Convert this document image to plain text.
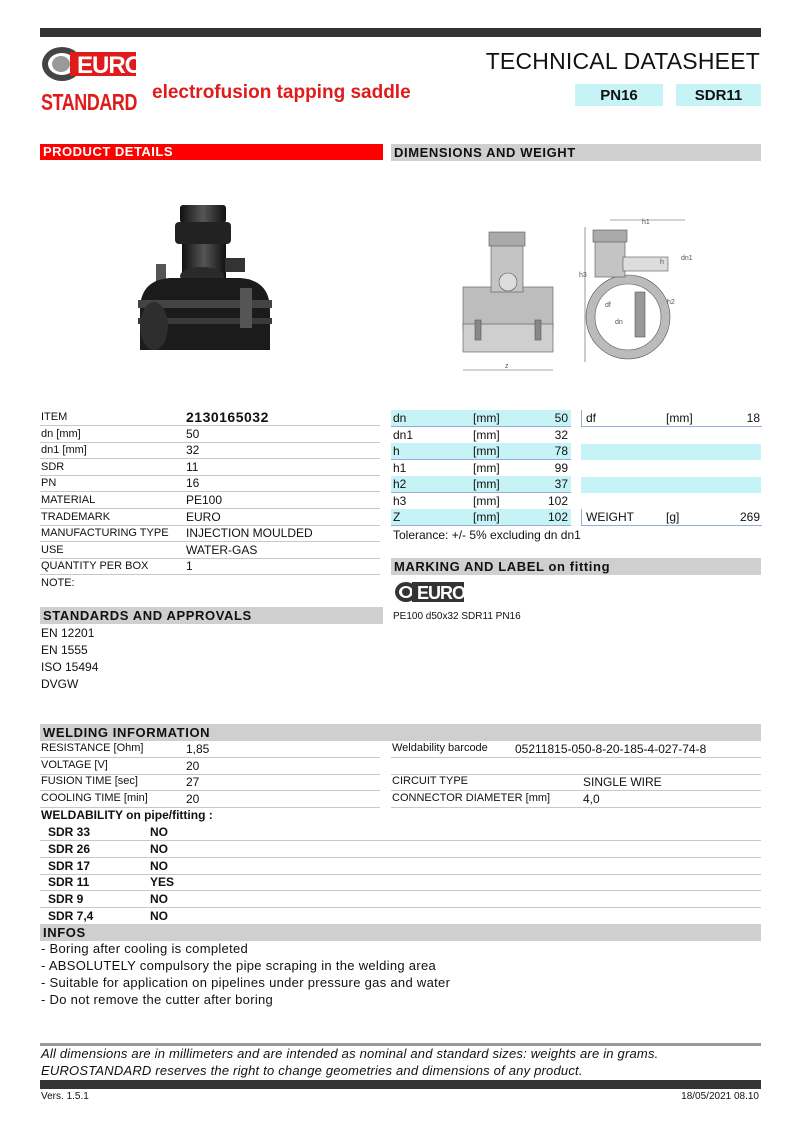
EURO
STANDARD
TECHNICAL DATASHEET
electrofusion tapping saddle	PN16	SDR11
PRODUCT DETAILS	DIMENSIONS AND WEIGHT
z
h3
h1
h
dn1
h2
df
dn
ITEM	2130165032
dn [mm]	50
dn1 [mm]	32
SDR	11
PN	16
MATERIAL	PE100
TRADEMARK	EURO
MANUFACTURING TYPE	INJECTION MOULDED
USE	WATER-GAS
QUANTITY PER BOX	1
NOTE:
dn	[mm]	50
dn1	[mm]	32
h	[mm]	78
h1	[mm]	99
h2	[mm]	37
h3	[mm]	102
Z	[mm]	102
df	[mm]	18
WEIGHT	[g]	269
Tolerance: +/- 5% excluding dn dn1
MARKING AND LABEL on fitting
EURO
PE100 d50x32 SDR11 PN16
STANDARDS AND APPROVALS
EN 12201
EN 1555
ISO 15494
DVGW
WELDING INFORMATION
RESISTANCE [Ohm]	1,85	Weldability barcode 05211815-050-8-20-185-4-027-74-8
VOLTAGE [V]	20
FUSION TIME [sec]	27	CIRCUIT TYPE	SINGLE WIRE
COOLING TIME [min]	20	CONNECTOR DIAMETER [mm]	4,0
WELDABILITY on pipe/fitting :
SDR 33	NO
SDR 26	NO
SDR 17	NO
SDR 11	YES
SDR 9	NO
SDR 7,4	NO
INFOS
- Boring after cooling is completed
- ABSOLUTELY compulsory the pipe scraping in the welding area
- Suitable for application on pipelines under pressure gas and water
- Do not remove the cutter after boring
All dimensions are in millimeters and are intended as nominal and standard sizes: weights are in grams.
EUROSTANDARD reserves the right to change geometries and dimensions of any product.
Vers. 1.5.1	18/05/2021 08.10
